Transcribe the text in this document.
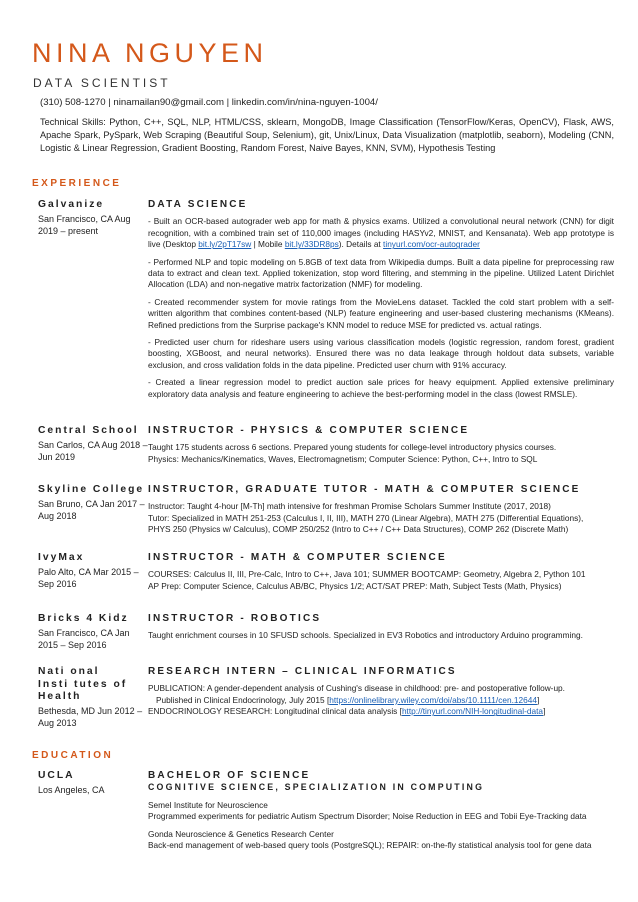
NINA NGUYEN
DATA SCIENTIST
(310) 508-1270 | ninamailan90@gmail.com | linkedin.com/in/nina-nguyen-1004/
Technical Skills: Python, C++, SQL, NLP, HTML/CSS, sklearn, MongoDB, Image Classification (TensorFlow/Keras, OpenCV), Flask, AWS, Apache Spark, PySpark, Web Scraping (Beautiful Soup, Selenium), git, Unix/Linux, Data Visualization (matplotlib, seaborn), Modeling (CNN, Logistic & Linear Regression, Gradient Boosting, Random Forest, Naive Bayes, KNN, SVM), Hypothesis Testing
EXPERIENCE
Galvanize
San Francisco, CA Aug 2019 – present
DATA SCIENCE

- Built an OCR-based autograder web app for math & physics exams. Utilized a convolutional neural network (CNN) for digit recognition, with a combined train set of 110,000 images (including HASYv2, MNIST, and Kensanata). Web app prototype is live (Desktop bit.ly/2pT17sw | Mobile bit.ly/33DR8ps). Details at tinyurl.com/ocr-autograder

- Performed NLP and topic modeling on 5.8GB of text data from Wikipedia dumps. Built a data pipeline for preprocessing raw data to extract and clean text. Applied tokenization, stop word filtering, and stemming in the pipeline. Utilized Latent Dirichlet Allocation (LDA) and non-negative matrix factorization (NMF) for modeling.

- Created recommender system for movie ratings from the MovieLens dataset. Tackled the cold start problem with a self-written algorithm that combines content-based (NLP) feature engineering and user-based clustering mechanisms (KMeans). Refined predictions from the Surprise package's KNN model to reduce MSE for predicted vs. actual ratings.

- Predicted user churn for rideshare users using various classification models (logistic regression, random forest, gradient boosting, XGBoost, and neural networks). Ensured there was no data leakage through holdout data subsets, variable exclusion, and cross validation folds in the data pipeline. Predicted user churn with 91% accuracy.

- Created a linear regression model to predict auction sale prices for heavy equipment. Applied extensive preliminary exploratory data analysis and feature engineering to achieve the best-performing model in the class (lowest RMSLE).

Central School
San Carlos, CA Aug 2018 – Jun 2019
INSTRUCTOR - PHYSICS & COMPUTER SCIENCE
Taught 175 students across 6 sections. Prepared young students for college-level introductory physics courses.
Physics: Mechanics/Kinematics, Waves, Electromagnetism; Computer Science: Python, C++, Intro to SQL
Skyline College
San Bruno, CA Jan 2017 – Aug 2018
INSTRUCTOR, GRADUATE TUTOR - MATH & COMPUTER SCIENCE
Instructor: Taught 4-hour [M-Th] math intensive for freshman Promise Scholars Summer Institute (2017, 2018)
Tutor: Specialized in MATH 251-253 (Calculus I, II, III), MATH 270 (Linear Algebra), MATH 275 (Differential Equations),
PHYS 250 (Physics w/ Calculus), COMP 250/252 (Intro to C++ / C++ Data Structures), COMP 262 (Discrete Math)
IvyMax
Palo Alto, CA Mar 2015 – Sep 2016
INSTRUCTOR - MATH & COMPUTER SCIENCE
COURSES: Calculus II, III, Pre-Calc, Intro to C++, Java 101; SUMMER BOOTCAMP: Geometry, Algebra 2, Python 101
AP Prep: Computer Science, Calculus AB/BC, Physics 1/2; ACT/SAT PREP: Math, Subject Tests (Math, Physics)
Bricks 4 Kidz
San Francisco, CA Jan 2015 – Sep 2016
INSTRUCTOR - ROBOTICS
Taught enrichment courses in 10 SFUSD schools. Specialized in EV3 Robotics and introductory Arduino programming.
Nati onal
Insti tutes of
Health
Bethesda, MD Jun 2012 – Aug 2013
RESEARCH INTERN – CLINICAL INFORMATICS
PUBLICATION: A gender-dependent analysis of Cushing's disease in childhood: pre- and postoperative follow-up.
Published in Clinical Endocrinology, July 2015 [https://onlinelibrary.wiley.com/doi/abs/10.1111/cen.12644]
ENDOCRINOLOGY RESEARCH: Longitudinal clinical data analysis [http://tinyurl.com/NIH-longitudinal-data]
EDUCATION
UCLA
Los Angeles, CA
BACHELOR OF SCIENCE
COGNITIVE SCIENCE, SPECIALIZATION IN COMPUTING
Semel Institute for Neuroscience
Programmed experiments for pediatric Autism Spectrum Disorder; Noise Reduction in EEG and Tobii Eye-Tracking data
Gonda Neuroscience & Genetics Research Center
Back-end management of web-based query tools (PostgreSQL); REPAIR: on-the-fly statistical analysis tool for gene data
